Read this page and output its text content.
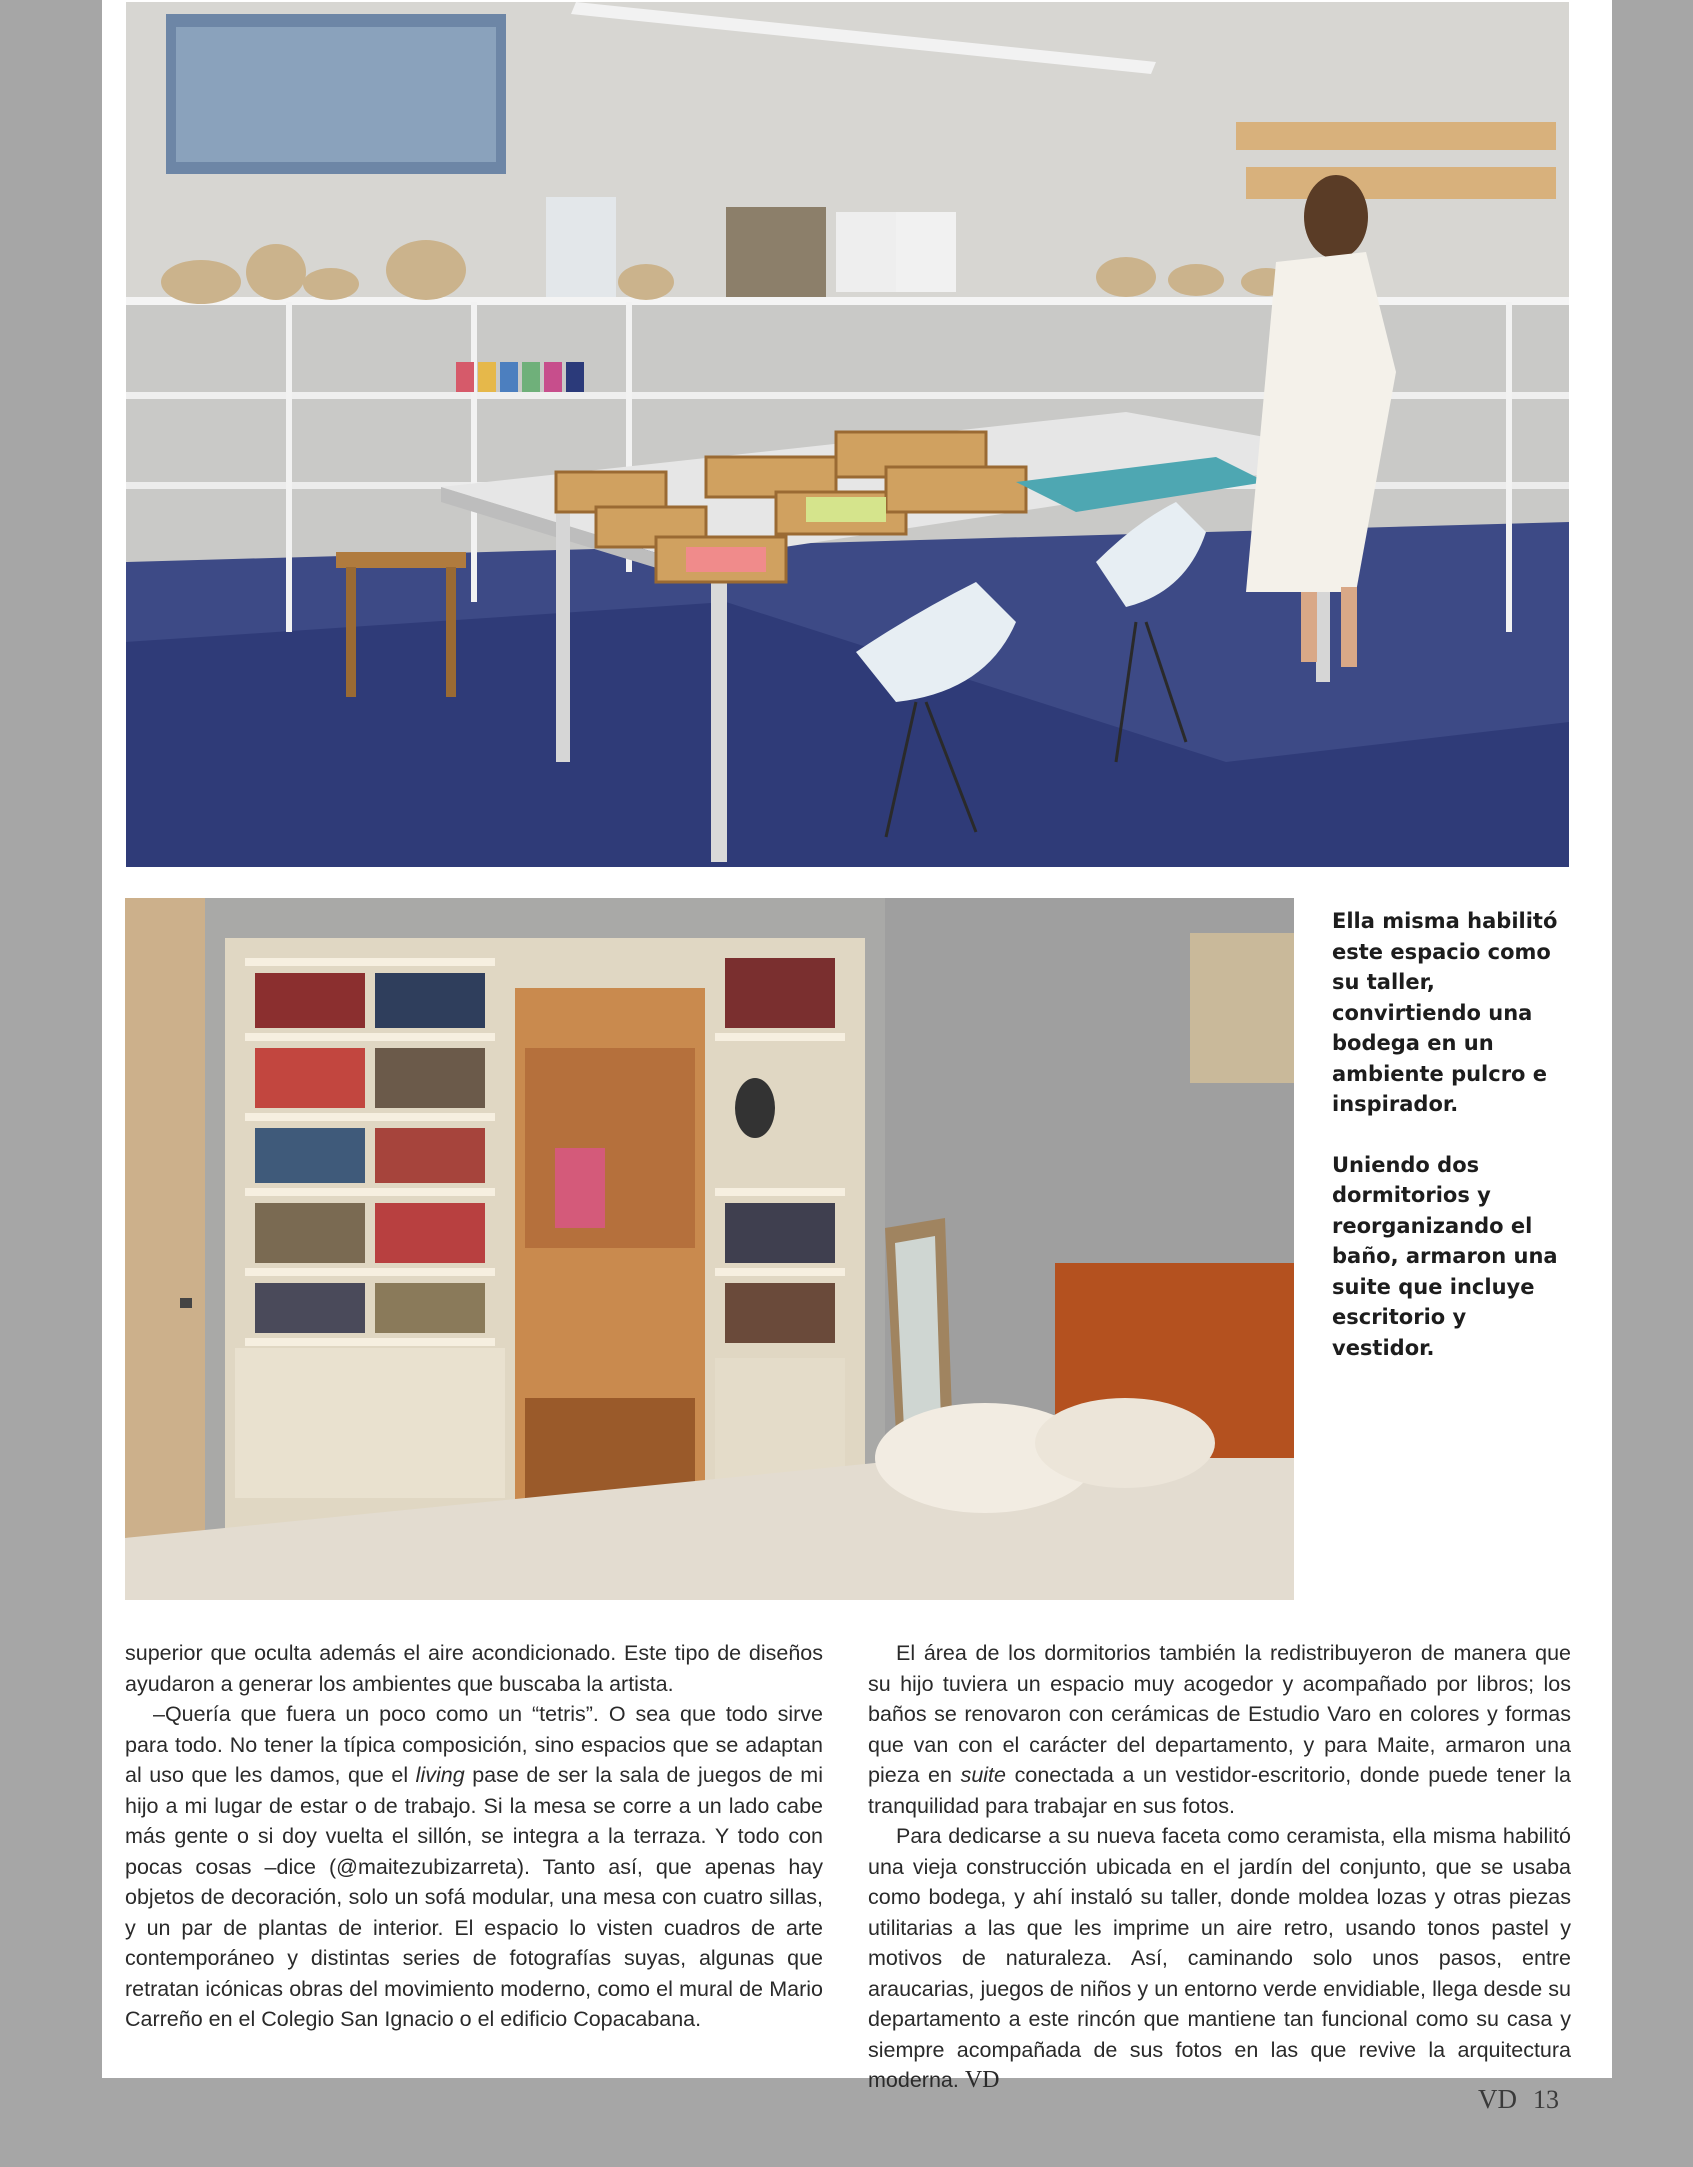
Ella misma habilitó este espacio como su taller, convirtiendo una bodega en un ambiente pulcro e inspirador.

Uniendo dos dormitorios y reorganizando el baño, armaron una suite que incluye escritorio y vestidor.

superior que oculta además el aire acondicionado. Este tipo de diseños ayudaron a generar los ambientes que buscaba la artista.

–Quería que fuera un poco como un “tetris”. O sea que todo sirve para todo. No tener la típica composición, sino espacios que se adaptan al uso que les damos, que el living pase de ser la sala de juegos de mi hijo a mi lugar de estar o de trabajo. Si la mesa se corre a un lado cabe más gente o si doy vuelta el sillón, se integra a la terraza. Y todo con pocas cosas –dice (@maitezubizarreta). Tanto así, que apenas hay objetos de decoración, solo un sofá modular, una mesa con cuatro sillas, y un par de plantas de interior. El espacio lo visten cuadros de arte contemporáneo y distintas series de fotografías suyas, algunas que retratan icónicas obras del movimiento moderno, como el mural de Mario Carreño en el Colegio San Ignacio o el edificio Copacabana.

El área de los dormitorios también la redistribuyeron de manera que su hijo tuviera un espacio muy acogedor y acompañado por libros; los baños se renovaron con cerámicas de Estudio Varo en colores y formas que van con el carácter del departamento, y para Maite, armaron una pieza en suite conectada a un vestidor-escritorio, donde puede tener la tranquilidad para trabajar en sus fotos.

Para dedicarse a su nueva faceta como ceramista, ella misma habilitó una vieja construcción ubicada en el jardín del conjunto, que se usaba como bodega, y ahí instaló su taller, donde moldea lozas y otras piezas utilitarias a las que les imprime un aire retro, usando tonos pastel y motivos de naturaleza. Así, caminando solo unos pasos, entre araucarias, juegos de niños y un entorno verde envidiable, llega desde su departamento a este rincón que mantiene tan funcional como su casa y siempre acompañada de sus fotos en las que revive la arquitectura moderna. VD

VD 13
